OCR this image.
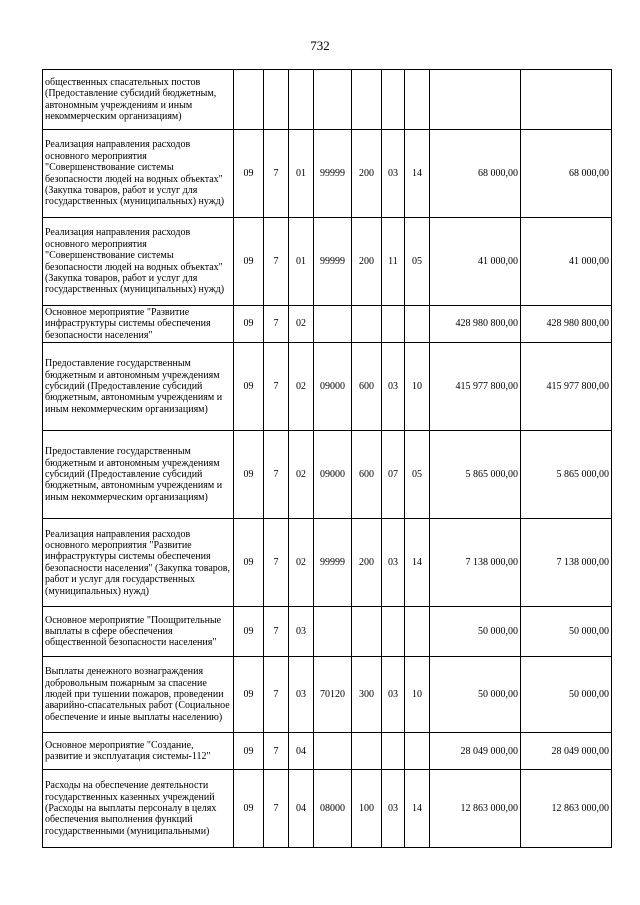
732
общественных спасательных постов (Предоставление субсидий бюджетным, автономным учреждениям и иным некоммерческим организациям)									
Реализация направления расходов основного мероприятия "Совершенствование системы безопасности людей на водных объектах" (Закупка товаров, работ и услуг для государственных (муниципальных) нужд)	09	7	01	99999	200	03	14	68 000,00	68 000,00
Реализация направления расходов основного мероприятия "Совершенствование системы безопасности людей на водных объектах" (Закупка товаров, работ и услуг для государственных (муниципальных) нужд)	09	7	01	99999	200	11	05	41 000,00	41 000,00
Основное мероприятие "Развитие инфраструктуры системы обеспечения безопасности населения"	09	7	02					428 980 800,00	428 980 800,00
Предоставление государственным бюджетным и автономным учреждениям субсидий (Предоставление субсидий бюджетным, автономным учреждениям и иным некоммерческим организациям)	09	7	02	09000	600	03	10	415 977 800,00	415 977 800,00
Предоставление государственным бюджетным и автономным учреждениям субсидий (Предоставление субсидий бюджетным, автономным учреждениям и иным некоммерческим организациям)	09	7	02	09000	600	07	05	5 865 000,00	5 865 000,00
Реализация направления расходов основного мероприятия "Развитие инфраструктуры системы обеспечения безопасности населения" (Закупка товаров, работ и услуг для государственных (муниципальных) нужд)	09	7	02	99999	200	03	14	7 138 000,00	7 138 000,00
Основное мероприятие "Поощрительные выплаты в сфере обеспечения общественной безопасности населения"	09	7	03					50 000,00	50 000,00
Выплаты денежного вознаграждения добровольным пожарным за спасение людей при тушении пожаров, проведении аварийно-спасательных работ (Социальное обеспечение и иные выплаты населению)	09	7	03	70120	300	03	10	50 000,00	50 000,00
Основное мероприятие "Создание, развитие и эксплуатация системы-112"	09	7	04					28 049 000,00	28 049 000,00
Расходы на обеспечение деятельности государственных казенных учреждений (Расходы на выплаты персоналу в целях обеспечения выполнения функций государственными (муниципальными)	09	7	04	08000	100	03	14	12 863 000,00	12 863 000,00
